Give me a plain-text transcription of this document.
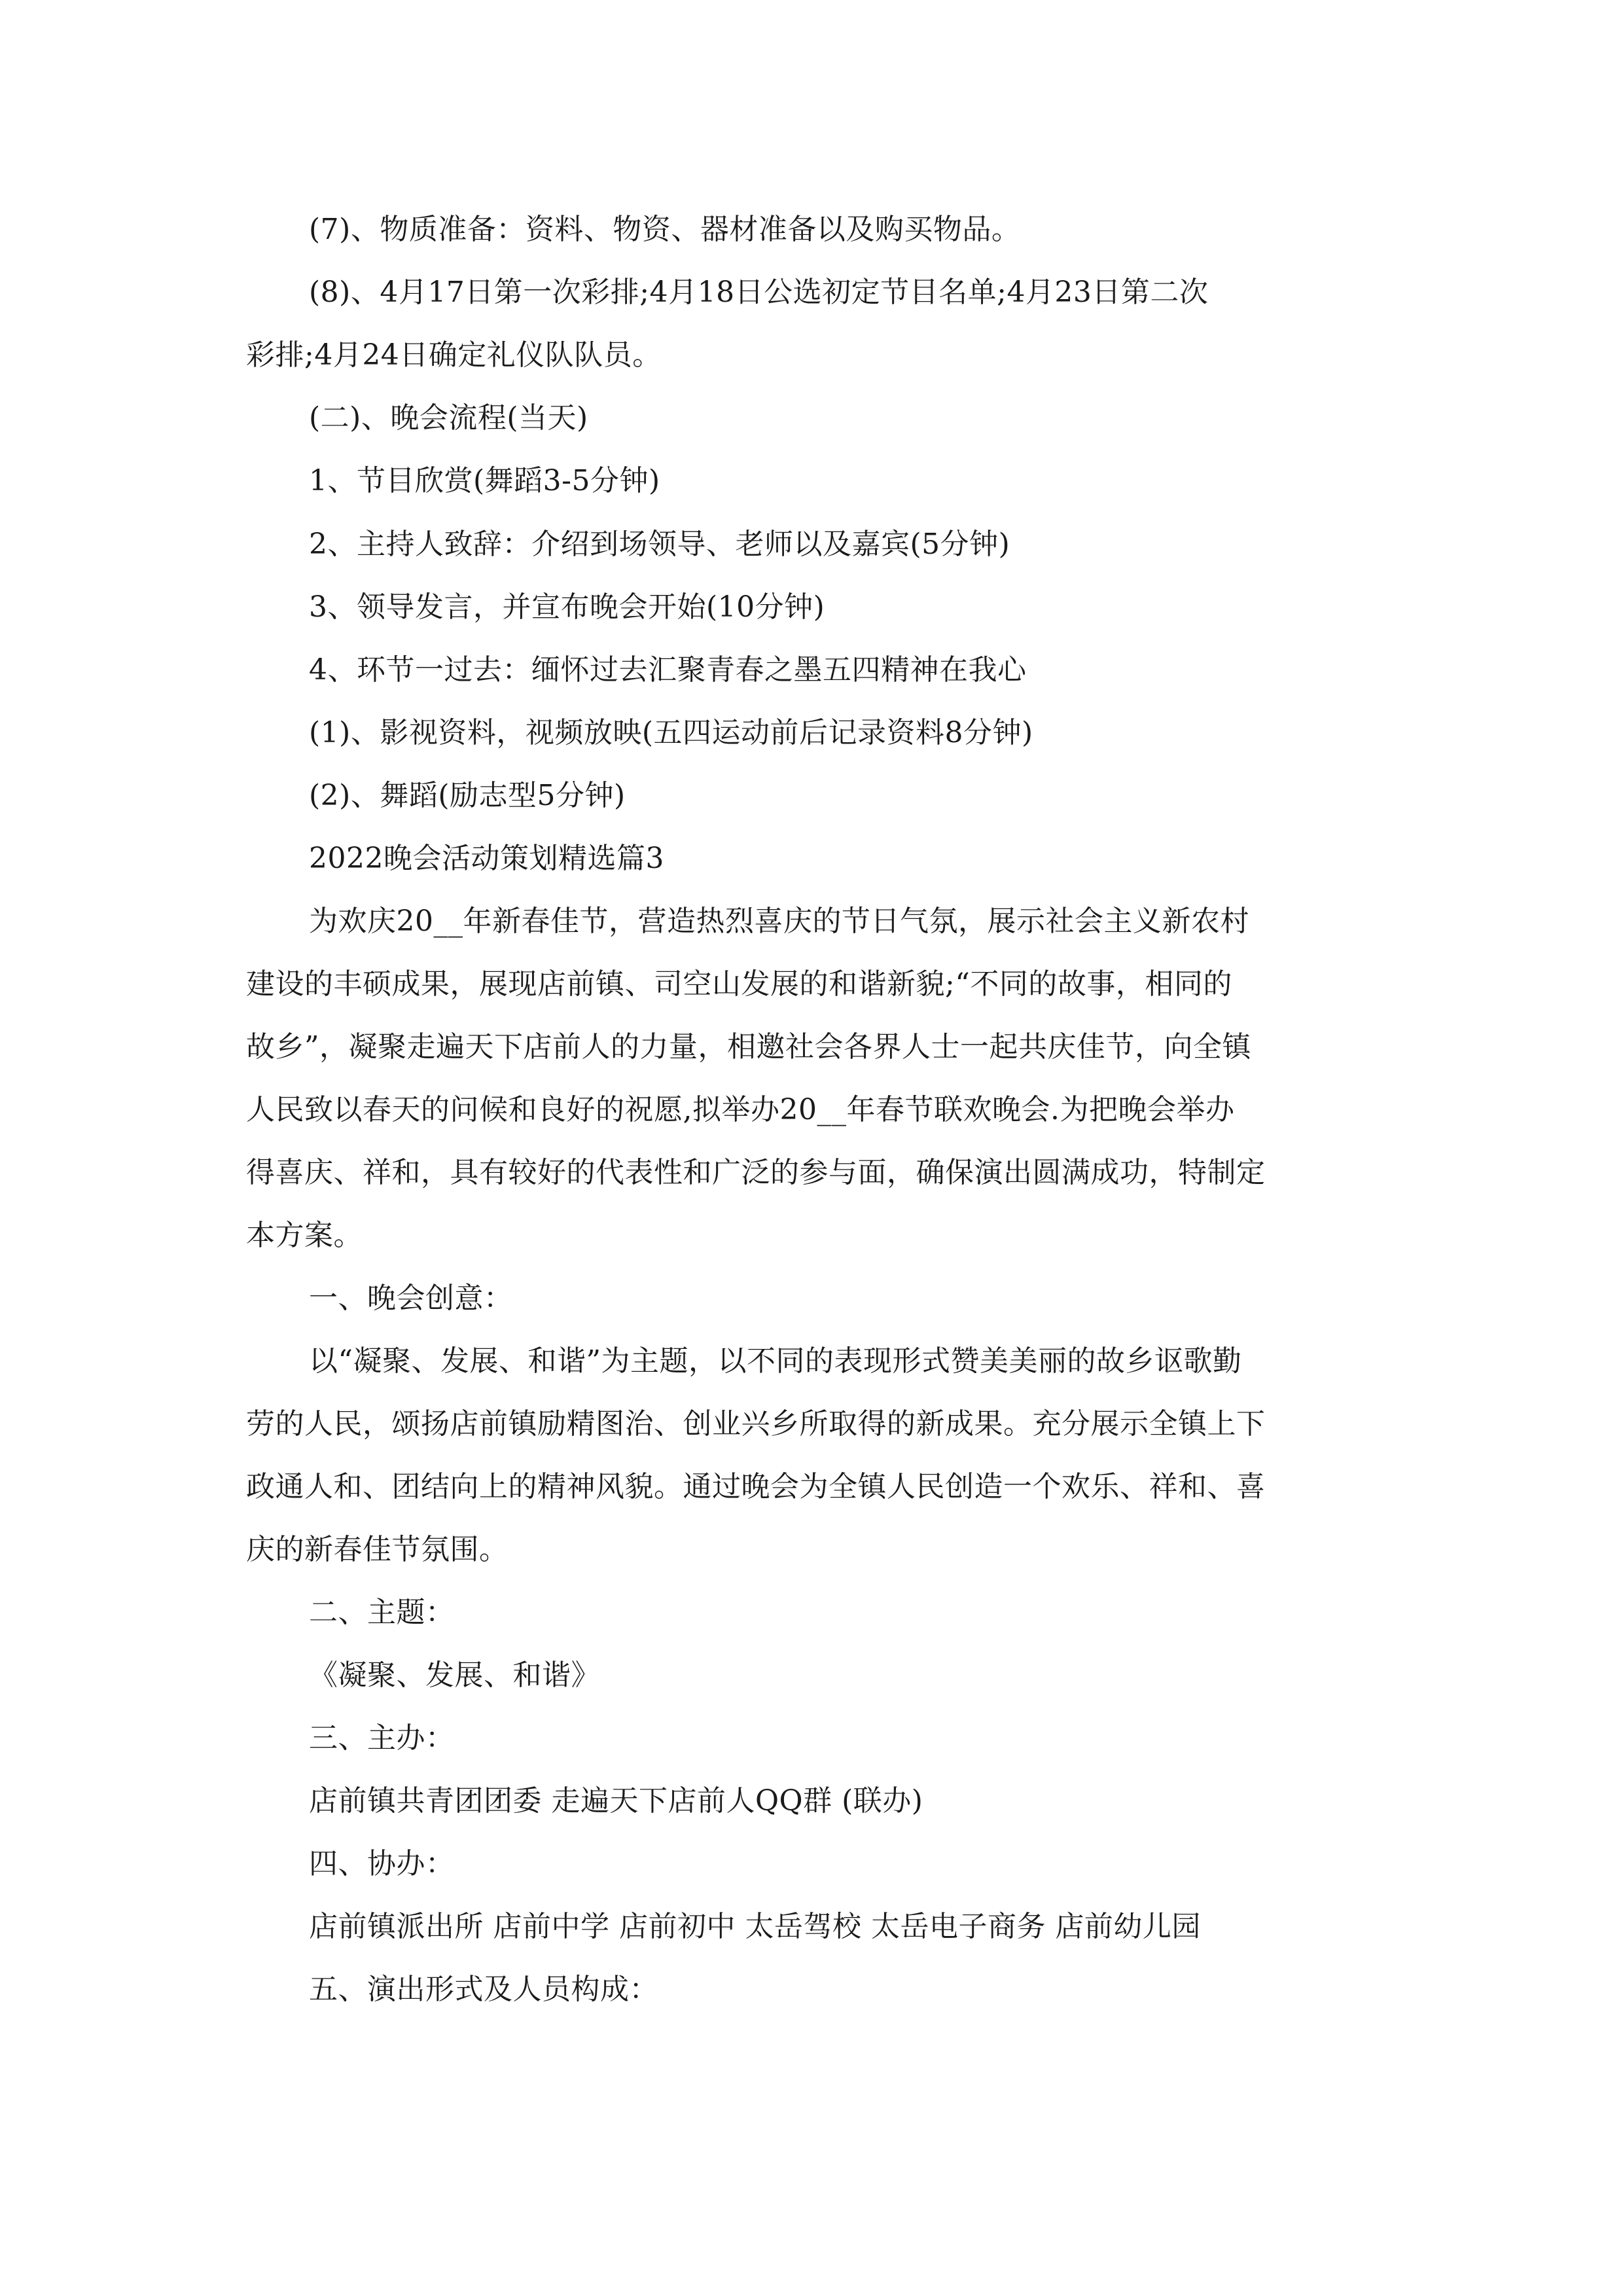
(7)、物质准备：资料、物资、器材准备以及购买物品。
(8)、4月17日第一次彩排;4月18日公选初定节目名单;4月23日第二次
彩排;4月24日确定礼仪队队员。
(二)、晚会流程(当天)
1、节目欣赏(舞蹈3-5分钟)
2、主持人致辞：介绍到场领导、老师以及嘉宾(5分钟)
3、领导发言，并宣布晚会开始(10分钟)
4、环节一过去：缅怀过去汇聚青春之墨五四精神在我心
(1)、影视资料，视频放映(五四运动前后记录资料8分钟)
(2)、舞蹈(励志型5分钟)
2022晚会活动策划精选篇3
为欢庆20__年新春佳节，营造热烈喜庆的节日气氛，展示社会主义新农村
建设的丰硕成果，展现店前镇、司空山发展的和谐新貌;“不同的故事，相同的
故乡”，凝聚走遍天下店前人的力量，相邀社会各界人士一起共庆佳节，向全镇
人民致以春天的问候和良好的祝愿,拟举办20__年春节联欢晚会.为把晚会举办
得喜庆、祥和，具有较好的代表性和广泛的参与面，确保演出圆满成功，特制定
本方案。
一、晚会创意：
以“凝聚、发展、和谐”为主题，以不同的表现形式赞美美丽的故乡讴歌勤
劳的人民，颂扬店前镇励精图治、创业兴乡所取得的新成果。充分展示全镇上下
政通人和、团结向上的精神风貌。通过晚会为全镇人民创造一个欢乐、祥和、喜
庆的新春佳节氛围。
二、主题：
《凝聚、发展、和谐》
三、主办：
店前镇共青团团委 走遍天下店前人QQ群 (联办)
四、协办：
店前镇派出所 店前中学 店前初中 太岳驾校 太岳电子商务 店前幼儿园
五、演出形式及人员构成：
